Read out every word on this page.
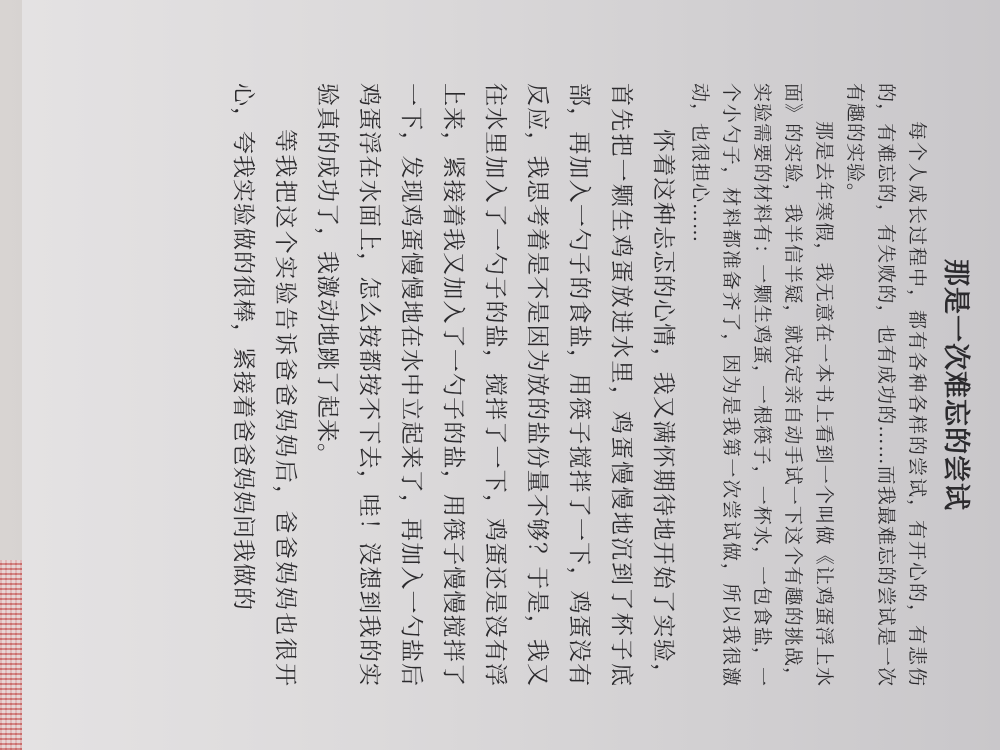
那是一次难忘的尝试

每个人成长过程中，都有各种各样的尝试，有开心的，有悲伤的，有难忘的，有失败的，也有成功的……而我最难忘的尝试是一次有趣的实验。

那是去年寒假，我无意在一本书上看到一个叫做《让鸡蛋浮上水面》的实验，我半信半疑，就决定亲自动手试一下这个有趣的挑战，实验需要的材料有：一颗生鸡蛋，一根筷子，一杯水，一包食盐，一个小勺子，材料都准备齐了，因为是我第一次尝试做，所以我很激动，也很担心……

怀着这种忐忑的心情，我又满怀期待地开始了实验，首先把一颗生鸡蛋放进水里，鸡蛋慢慢地沉到了杯子底部，再加入一勺子的食盐，用筷子搅拌了一下，鸡蛋没有反应，我思考着是不是因为放的盐份量不够？于是，我又往水里加入了一勺子的盐，搅拌了一下，鸡蛋还是没有浮上来，紧接着我又加入了一勺子的盐，用筷子慢慢搅拌了一下，发现鸡蛋慢慢地在水中立起来了，再加入一勺盐后鸡蛋浮在水面上，怎么按都按不下去，哇！没想到我的实验真的成功了，我激动地跳了起来。

等我把这个实验告诉爸爸妈妈后，爸爸妈妈也很开心，夸我实验做的很棒，紧接着爸爸妈妈问我做的
